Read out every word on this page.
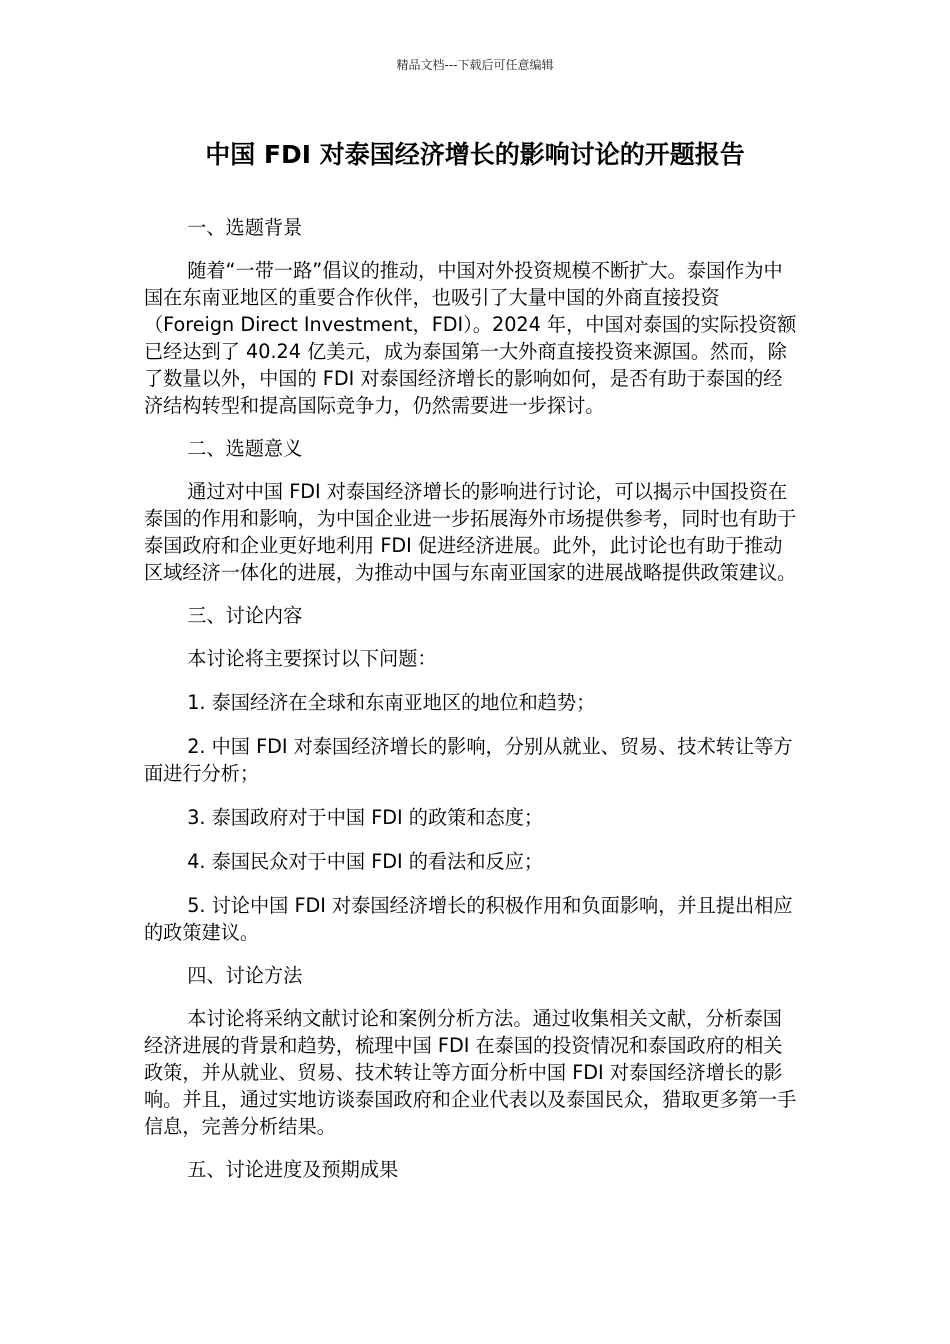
精品文档---下载后可任意编辑
中国 FDI 对泰国经济增长的影响讨论的开题报告

一、选题背景

随着“一带一路”倡议的推动，中国对外投资规模不断扩大。泰国作为中国在东南亚地区的重要合作伙伴，也吸引了大量中国的外商直接投资（Foreign Direct Investment，FDI）。2024 年，中国对泰国的实际投资额已经达到了 40.24 亿美元，成为泰国第一大外商直接投资来源国。然而，除了数量以外，中国的 FDI 对泰国经济增长的影响如何，是否有助于泰国的经济结构转型和提高国际竞争力，仍然需要进一步探讨。

二、选题意义

通过对中国 FDI 对泰国经济增长的影响进行讨论，可以揭示中国投资在泰国的作用和影响，为中国企业进一步拓展海外市场提供参考，同时也有助于泰国政府和企业更好地利用 FDI 促进经济进展。此外，此讨论也有助于推动区域经济一体化的进展，为推动中国与东南亚国家的进展战略提供政策建议。

三、讨论内容

本讨论将主要探讨以下问题：

1. 泰国经济在全球和东南亚地区的地位和趋势；

2. 中国 FDI 对泰国经济增长的影响，分别从就业、贸易、技术转让等方面进行分析；

3. 泰国政府对于中国 FDI 的政策和态度；

4. 泰国民众对于中国 FDI 的看法和反应；

5. 讨论中国 FDI 对泰国经济增长的积极作用和负面影响，并且提出相应的政策建议。

四、讨论方法

本讨论将采纳文献讨论和案例分析方法。通过收集相关文献，分析泰国经济进展的背景和趋势，梳理中国 FDI 在泰国的投资情况和泰国政府的相关政策，并从就业、贸易、技术转让等方面分析中国 FDI 对泰国经济增长的影响。并且，通过实地访谈泰国政府和企业代表以及泰国民众，猎取更多第一手信息，完善分析结果。

五、讨论进度及预期成果
